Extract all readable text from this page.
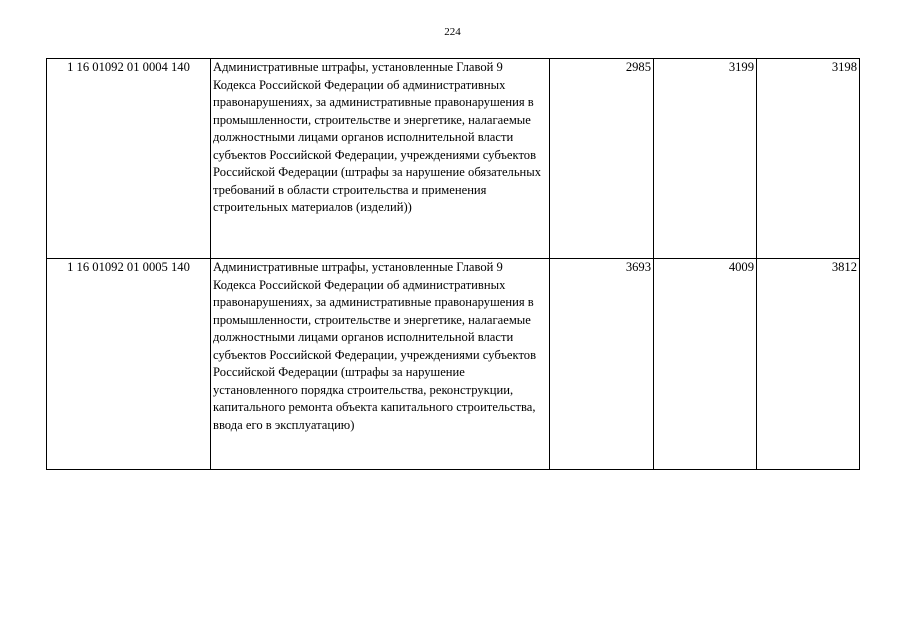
224
1 16 01092 01 0004 140	Административные штрафы, установленные Главой 9 Кодекса Российской Федерации об административных правонарушениях, за административные правонарушения в промышленности, строительстве и энергетике, налагаемые должностными лицами органов исполнительной власти субъектов Российской Федерации, учреждениями субъектов Российской Федерации (штрафы за нарушение обязательных требований в области строительства и применения строительных материалов (изделий))	2985	3199	3198
1 16 01092 01 0005 140	Административные штрафы, установленные Главой 9 Кодекса Российской Федерации об административных правонарушениях, за административные правонарушения в промышленности, строительстве и энергетике, налагаемые должностными лицами органов исполнительной власти субъектов Российской Федерации, учреждениями субъектов Российской Федерации (штрафы за нарушение установленного порядка строительства, реконструкции, капитального ремонта объекта капитального строительства, ввода его в эксплуатацию)	3693	4009	3812
